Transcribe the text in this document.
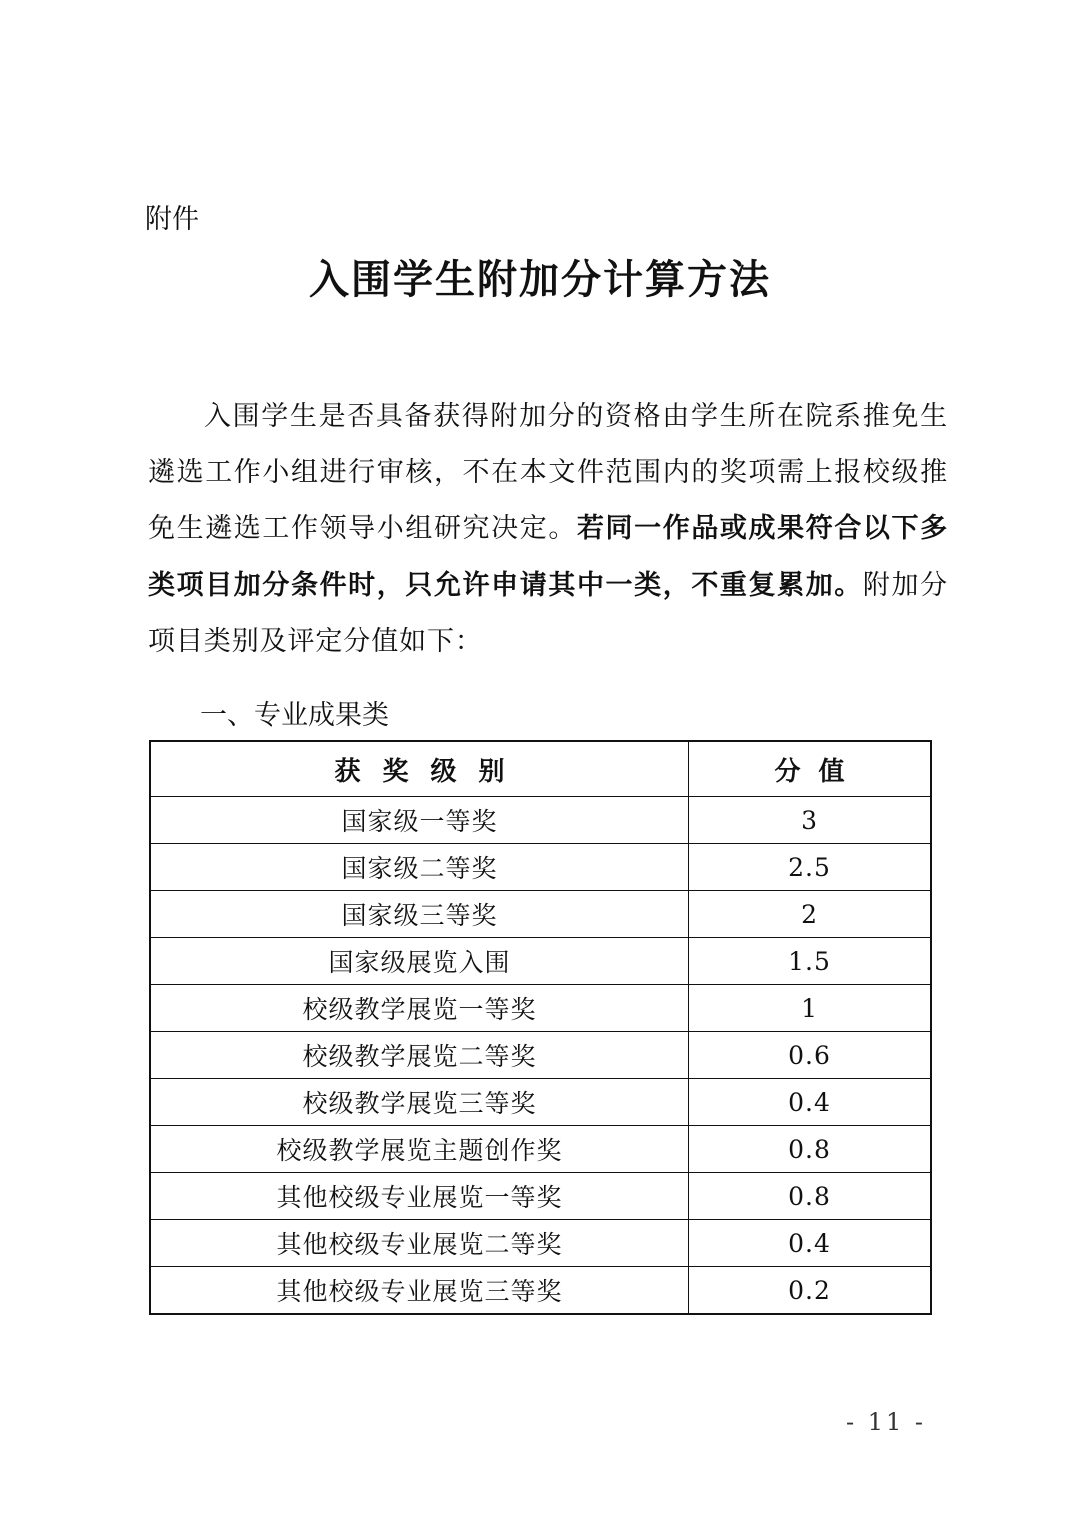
附件
入围学生附加分计算方法

入围学生是否具备获得附加分的资格由学生所在院系推免生遴选工作小组进行审核，不在本文件范围内的奖项需上报校级推免生遴选工作领导小组研究决定。若同一作品或成果符合以下多类项目加分条件时，只允许申请其中一类，不重复累加。附加分项目类别及评定分值如下：

一、专业成果类
获奖级别	分值
国家级一等奖	3
国家级二等奖	2.5
国家级三等奖	2
国家级展览入围	1.5
校级教学展览一等奖	1
校级教学展览二等奖	0.6
校级教学展览三等奖	0.4
校级教学展览主题创作奖	0.8
其他校级专业展览一等奖	0.8
其他校级专业展览二等奖	0.4
其他校级专业展览三等奖	0.2
- 11 -
